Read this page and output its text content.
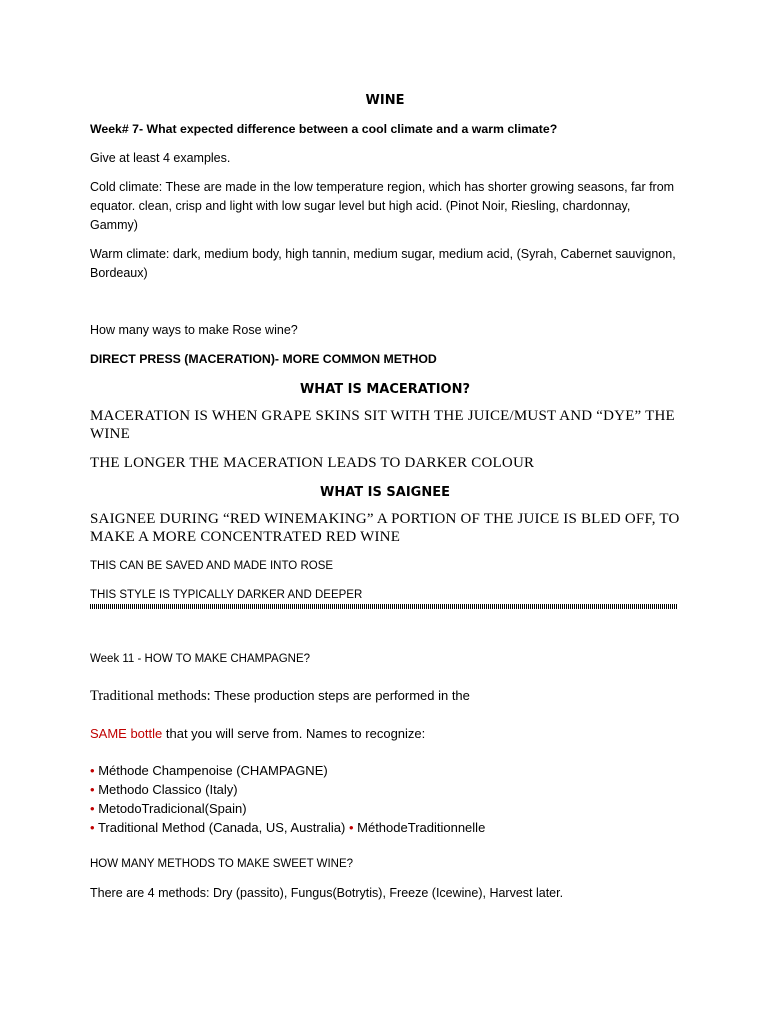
WINE

Week# 7- What expected difference between a cool climate and a warm climate?

Give at least 4 examples.

Cold climate: These are made in the low temperature region, which has shorter growing seasons, far from equator. clean, crisp and light with low sugar level but high acid. (Pinot Noir, Riesling, chardonnay, Gammy)

Warm climate: dark, medium body, high tannin, medium sugar, medium acid, (Syrah, Cabernet sauvignon, Bordeaux)

How many ways to make Rose wine?

DIRECT PRESS (MACERATION)- MORE COMMON METHOD

WHAT IS MACERATION?

MACERATION IS WHEN GRAPE SKINS SIT WITH THE JUICE/MUST AND “DYE” THE WINE

THE LONGER THE MACERATION LEADS TO DARKER COLOUR

WHAT IS SAIGNEE

SAIGNEE DURING “RED WINEMAKING” A PORTION OF THE JUICE IS BLED OFF, TO MAKE A MORE CONCENTRATED RED WINE

THIS CAN BE SAVED AND MADE INTO ROSE

THIS STYLE IS TYPICALLY DARKER AND DEEPER

Week 11 - HOW TO MAKE CHAMPAGNE?

Traditional methods: These production steps are performed in the

SAME bottle that you will serve from. Names to recognize:

• Méthode Champenoise (CHAMPAGNE)
• Methodo Classico (Italy)
• MetodoTradicional(Spain)
• Traditional Method (Canada, US, Australia) • MéthodeTraditionnelle

HOW MANY METHODS TO MAKE SWEET WINE?

There are 4 methods: Dry (passito), Fungus(Botrytis), Freeze (Icewine), Harvest later.
